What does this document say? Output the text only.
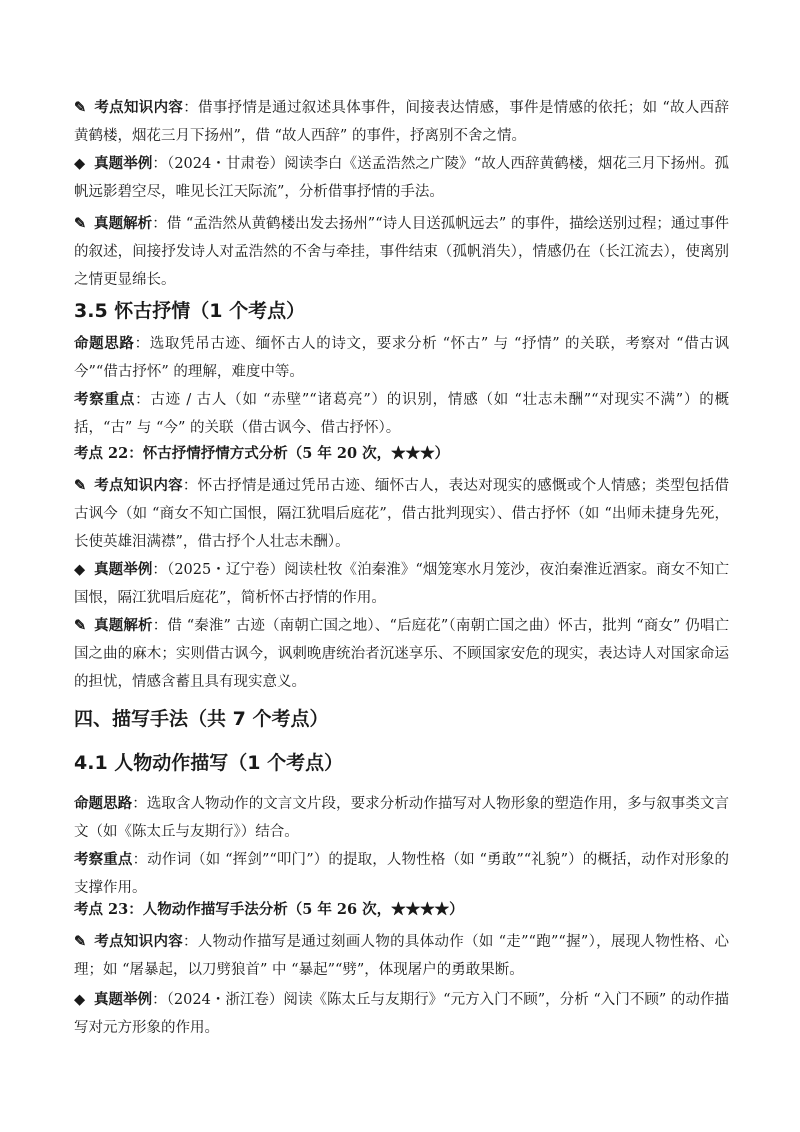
✎ 考点知识内容：借事抒情是通过叙述具体事件，间接表达情感，事件是情感的依托；如 “故人西辞黄鹤楼，烟花三月下扬州”，借 “故人西辞” 的事件，抒离别不舍之情。
◆ 真题举例：（2024・甘肃卷）阅读李白《送孟浩然之广陵》“故人西辞黄鹤楼，烟花三月下扬州。孤帆远影碧空尽，唯见长江天际流”，分析借事抒情的手法。
✎ 真题解析：借 “孟浩然从黄鹤楼出发去扬州”“诗人目送孤帆远去” 的事件，描绘送别过程；通过事件的叙述，间接抒发诗人对孟浩然的不舍与牵挂，事件结束（孤帆消失），情感仍在（长江流去），使离别之情更显绵长。
3.5 怀古抒情（1 个考点）
命题思路：选取凭吊古迹、缅怀古人的诗文，要求分析 “怀古” 与 “抒情” 的关联，考察对 “借古讽今”“借古抒怀” 的理解，难度中等。
考察重点：古迹 / 古人（如 “赤壁”“诸葛亮”）的识别，情感（如 “壮志未酬”“对现实不满”）的概括，“古” 与 “今” 的关联（借古讽今、借古抒怀）。
考点 22：怀古抒情抒情方式分析（5 年 20 次，★★★）
✎ 考点知识内容：怀古抒情是通过凭吊古迹、缅怀古人，表达对现实的感慨或个人情感；类型包括借古讽今（如 “商女不知亡国恨，隔江犹唱后庭花”，借古批判现实）、借古抒怀（如 “出师未捷身先死，长使英雄泪满襟”，借古抒个人壮志未酬）。
◆ 真题举例：（2025・辽宁卷）阅读杜牧《泊秦淮》“烟笼寒水月笼沙，夜泊秦淮近酒家。商女不知亡国恨，隔江犹唱后庭花”，简析怀古抒情的作用。
✎ 真题解析：借 “秦淮” 古迹（南朝亡国之地）、“后庭花”（南朝亡国之曲）怀古，批判 “商女” 仍唱亡国之曲的麻木；实则借古讽今，讽刺晚唐统治者沉迷享乐、不顾国家安危的现实，表达诗人对国家命运的担忧，情感含蓄且具有现实意义。
四、描写手法（共 7 个考点）
4.1 人物动作描写（1 个考点）
命题思路：选取含人物动作的文言文片段，要求分析动作描写对人物形象的塑造作用，多与叙事类文言文（如《陈太丘与友期行》）结合。
考察重点：动作词（如 “挥剑”“叩门”）的提取，人物性格（如 “勇敢”“礼貌”）的概括，动作对形象的支撑作用。
考点 23：人物动作描写手法分析（5 年 26 次，★★★★）
✎ 考点知识内容：人物动作描写是通过刻画人物的具体动作（如 “走”“跑”“握”），展现人物性格、心理；如 “屠暴起，以刀劈狼首” 中 “暴起”“劈”，体现屠户的勇敢果断。
◆ 真题举例：（2024・浙江卷）阅读《陈太丘与友期行》“元方入门不顾”，分析 “入门不顾” 的动作描写对元方形象的作用。
